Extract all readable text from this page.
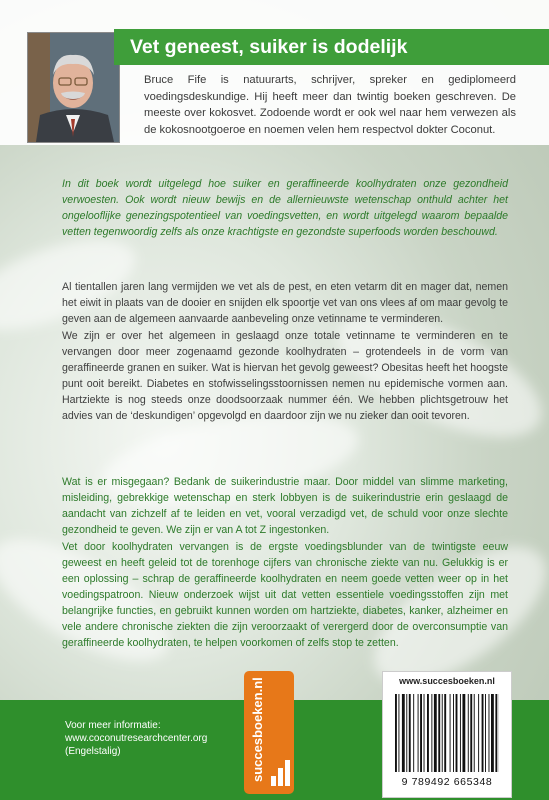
Vet geneest, suiker is dodelijk
Bruce Fife is natuurarts, schrijver, spreker en gediplomeerd voedingsdeskundige. Hij heeft meer dan twintig boeken geschreven. De meeste over kokosvet. Zodoende wordt er ook wel naar hem verwezen als de kokosnootgoeroe en noemen velen hem respectvol dokter Coconut.
In dit boek wordt uitgelegd hoe suiker en geraffineerde koolhydraten onze gezondheid verwoesten. Ook wordt nieuw bewijs en de allernieuwste wetenschap onthuld achter het ongelooflijke genezingspotentieel van voedingsvetten, en wordt uitgelegd waarom bepaalde vetten tegenwoordig zelfs als onze krachtigste en gezondste superfoods worden beschouwd.

Al tientallen jaren lang vermijden we vet als de pest, en eten vetarm dit en mager dat, nemen het eiwit in plaats van de dooier en snijden elk spoortje vet van ons vlees af om maar gevolg te geven aan de algemeen aanvaarde aanbeveling onze vetinname te verminderen.

We zijn er over het algemeen in geslaagd onze totale vetinname te verminderen en te vervangen door meer zogenaamd gezonde koolhydraten – grotendeels in de vorm van geraffineerde granen en suiker. Wat is hiervan het gevolg geweest? Obesitas heeft het hoogste punt ooit bereikt. Diabetes en stofwisselingsstoornissen nemen nu epidemische vormen aan. Hartziekte is nog steeds onze doodsoorzaak nummer één. We hebben plichtsgetrouw het advies van de ‘deskundigen’ opgevolgd en daardoor zijn we nu zieker dan ooit tevoren.

Wat is er misgegaan? Bedank de suikerindustrie maar. Door middel van slimme marketing, misleiding, gebrekkige wetenschap en sterk lobbyen is de suikerindustrie erin geslaagd de aandacht van zichzelf af te leiden en vet, vooral verzadigd vet, de schuld voor onze slechte gezondheid te geven. We zijn er van A tot Z ingestonken.

Vet door koolhydraten vervangen is de ergste voedingsblunder van de twintigste eeuw geweest en heeft geleid tot de torenhoge cijfers van chronische ziekte van nu. Gelukkig is er een oplossing – schrap de geraffineerde koolhydraten en neem goede vetten weer op in het voedingspatroon. Nieuw onderzoek wijst uit dat vetten essentiele voedingsstoffen zijn met belangrijke functies, en gebruikt kunnen worden om hartziekte, diabetes, kanker, alzheimer en vele andere chronische ziekten die zijn veroorzaakt of verergerd door de overconsumptie van geraffineerde koolhydraten, te helpen voorkomen of zelfs stop te zetten.

Voor meer informatie:
www.coconutresearchcenter.org
(Engelstalig)	succesboeken.nl	www.succesboeken.nl
9 789492 665348
